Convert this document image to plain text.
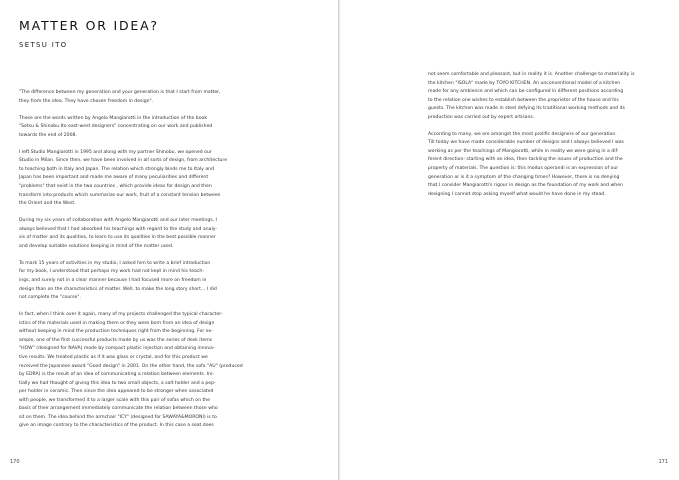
MATTER OR IDEA?
SETSU ITO

"The difference between my generation and your generation is that I start from matter,
they from the idea. They have chosen freedom in design".

These are the words written by Angelo Mangiarotti in the introduction of the book
"Setsu & Shinobu Ito east-west designers" concentrating on our work and published
towards the end of 2008.

I left Studio Mangiarotti in 1995 and along with my partner Shinobu, we opened our
Studio in Milan. Since then, we have been involved in all sorts of design, from architecture
to teaching both in Italy and Japan. The relation which strongly binds me to Italy and
Japan has been important and made me aware of many peculiarities and different
"problems" that exist in the two countries , which provide ideas for design and then
transform into products which summarize our work, fruit of a constant tension between
the Orient and the West.

During my six years of collaboration with Angelo Mangiarotti and our later meetings, I
always believed that I had absorbed his teachings with regard to the study and analy-
sis of matter and its qualities, to learn to use its qualities in the best possible manner
and develop suitable solutions keeping in mind of the matter used.

To mark 15 years of activities in my studio, I asked him to write a brief introduction
for my book, I understood that perhaps my work had not kept in mind his teach-
ings, and surely not in a clear manner because I had focused more on freedom in
design than on the characteristics of matter. Well, to make the long story short… I did
not complete the "course".

In fact, when I think over it again, many of my projects challenged the typical character-
istics of the materials used in making them or they were born from an idea of design
without keeping in mind the production techniques right from the beginning. For ex-
ample, one of the first successful products made by us was the series of desk items
"HOW" (designed for NAVA) made by compact plastic injection and obtaining innova-
tive results. We treated plastic as if it was glass or crystal, and for this product we
received the Japanese award "Good design" in 2001. On the other hand, the sofa "AU" (produced
by EDRA) is the result of an idea of communicating a relation between elements. Ini-
tially we had thought of giving this idea to two small objects, a salt holder and a pep-
per holder in ceramic. Then since the idea appeared to be stronger when associated
with people, we transformed it to a larger scale with this pair of sofas which on the
basis of their arrangement immediately communicate the relation between those who
sit on them. The idea behind the armchair "ICY" (designed for SAWAYA&MORONI) is to
give an image contrary to the characteristics of the product. In this case a seat does

170

not seem comfortable and pleasant, but in reality it is. Another challenge to materiality is
the kitchen "ISOLA" made by TOYO KITCHEN. An unconventional model of a kitchen
made for any ambience and which can be configured in different positions according
to the relation one wishes to establish between the proprietor of the house and his
guests. The kitchen was made in steel defying its traditional working methods and its
production was carried out by expert artisans.

According to many, we are amongst the most prolific designers of our generation.
Till today we have made considerable number of designs and I always believed I was
working as per the teachings of Mangiarotti, while in reality we were going in a dif-
ferent direction: starting with an idea, then tackling the issues of production and the
property of materials. The question is: this modus operandi is an expression of our
generation or is it a symptom of the changing times? However, there is no denying
that I consider Mangiarotti's rigour in design as the foundation of my work and when
designing I cannot stop asking myself what would he have done in my stead.

171
